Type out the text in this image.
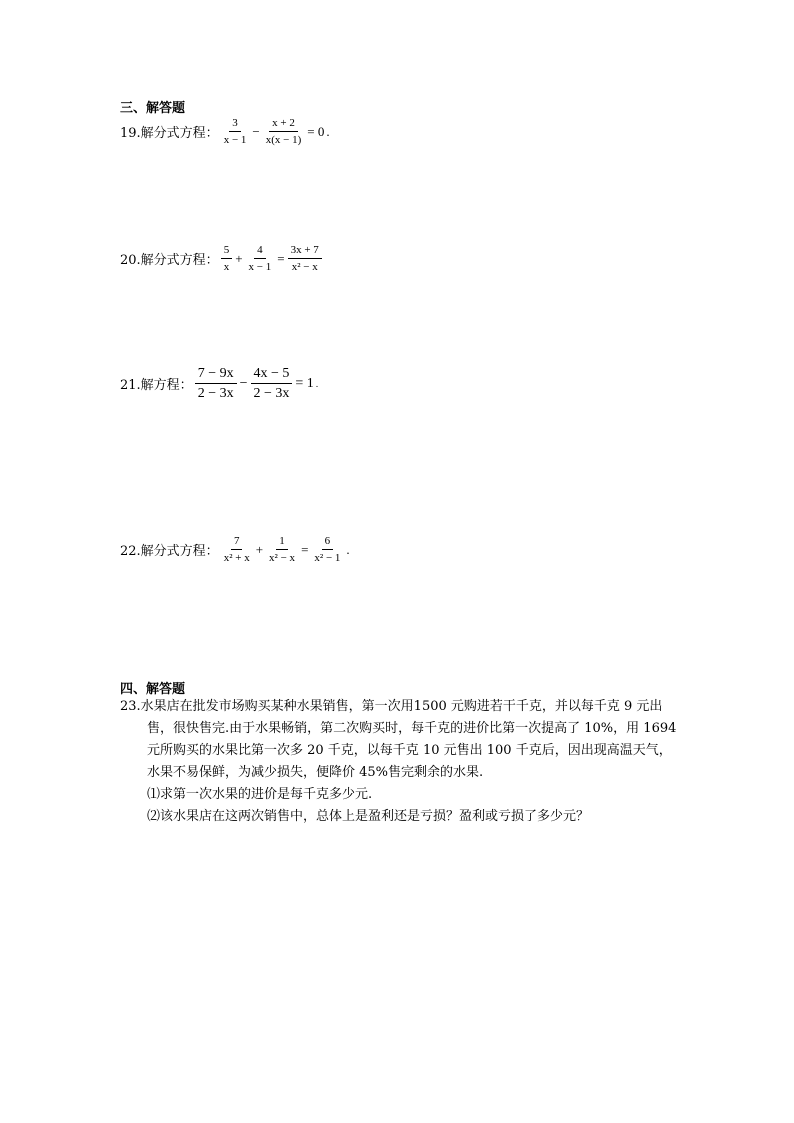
三、解答题
19.解分式方程： $\frac{3}{x - 1} - \frac{x + 2}{x(x - 1)} = 0$ .
20.解分式方程： $\frac{5}{x} + \frac{4}{x - 1} = \frac{3x + 7}{\text{x² − x}}$
21.解方程： $\frac{7 - 9x}{2 - 3x} - \frac{4x - 5}{2 - 3x} = 1$ .
22.解分式方程： $\frac{7}{\text{x² + x}} + \frac{1}{\text{x² − x}} = \frac{6}{\text{x² − 1}}$ .
四、解答题
23.水果店在批发市场购买某种水果销售，第一次用1500 元购进若干千克，并以每千克 9 元出
售，很快售完.由于水果畅销，第二次购买时，每千克的进价比第一次提高了 10%，用 1694
元所购买的水果比第一次多 20 千克，以每千克 10 元售出 100 千克后，因出现高温天气，
水果不易保鲜，为减少损失，便降价 45%售完剩余的水果.
⑴求第一次水果的进价是每千克多少元.
⑵该水果店在这两次销售中，总体上是盈利还是亏损？盈利或亏损了多少元？
